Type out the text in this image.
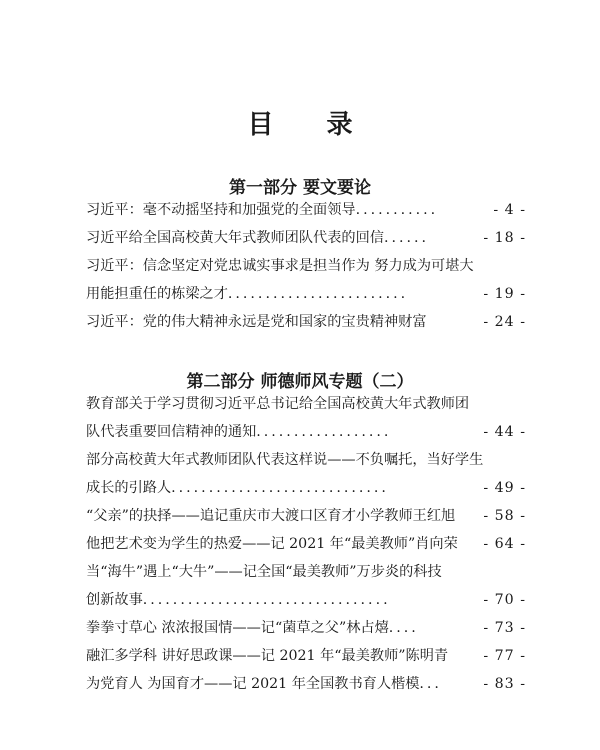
目 录
第一部分 要文要论
习近平：毫不动摇坚持和加强党的全面领导...........	- 4 -
习近平给全国高校黄大年式教师团队代表的回信......	- 18 -
习近平：信念坚定对党忠诚实事求是担当作为 努力成为可堪大
用能担重任的栋梁之才........................	- 19 -
习近平：党的伟大精神永远是党和国家的宝贵精神财富	- 24 -
第二部分 师德师风专题（二）
教育部关于学习贯彻习近平总书记给全国高校黄大年式教师团
队代表重要回信精神的通知..................	- 44 -
部分高校黄大年式教师团队代表这样说——不负嘱托，当好学生
成长的引路人.............................	- 49 -
“父亲”的抉择——追记重庆市大渡口区育才小学教师王红旭 - 58 -
他把艺术变为学生的热爱——记 2021 年“最美教师”肖向荣 - 64 -
当“海牛”遇上“大牛”——记全国“最美教师”万步炎的科技
创新故事.................................	- 70 -
拳拳寸草心 浓浓报国情——记“菌草之父”林占熺....	- 73 -
融汇多学科 讲好思政课——记 2021 年“最美教师”陈明青 - 77 -
为党育人 为国育才——记 2021 年全国教书育人楷模...	- 83 -
